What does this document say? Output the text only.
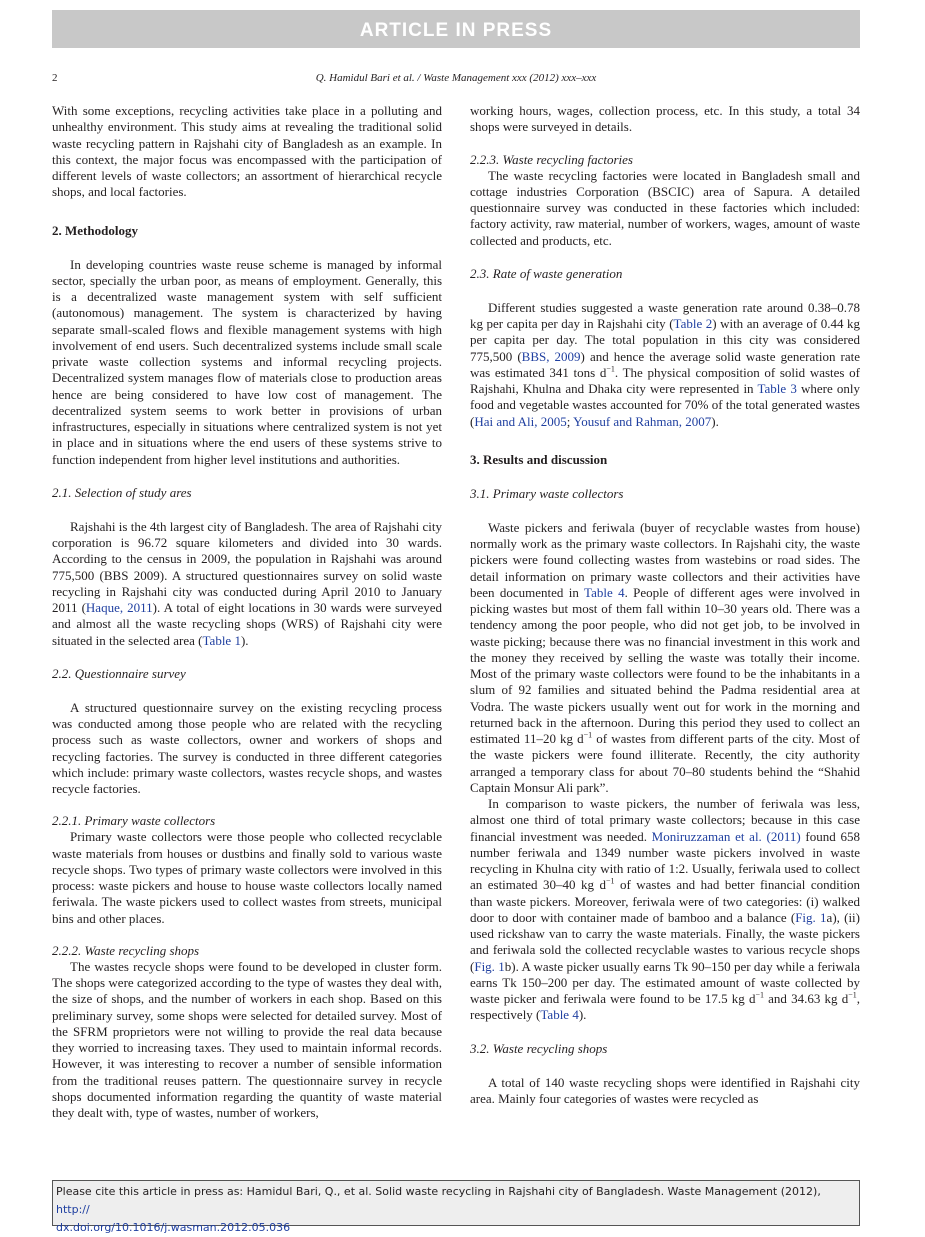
ARTICLE IN PRESS
2	Q. Hamidul Bari et al. / Waste Management xxx (2012) xxx–xxx

With some exceptions, recycling activities take place in a polluting and unhealthy environment. This study aims at revealing the traditional solid waste recycling pattern in Rajshahi city of Bangladesh as an example. In this context, the major focus was encompassed with the participation of different levels of waste collectors; an assortment of hierarchical recycle shops, and local factories.

2. Methodology

In developing countries waste reuse scheme is managed by informal sector, specially the urban poor, as means of employment. Generally, this is a decentralized waste management system with self sufficient (autonomous) management. The system is characterized by having separate small-scaled flows and flexible management systems with high involvement of end users. Such decentralized systems include small scale private waste collection systems and informal recycling projects. Decentralized system manages flow of materials close to production areas hence are being considered to have low cost of management. The decentralized system seems to work better in provisions of urban infrastructures, especially in situations where centralized system is not yet in place and in situations where the end users of these systems strive to function independent from higher level institutions and authorities.

2.1. Selection of study ares

Rajshahi is the 4th largest city of Bangladesh. The area of Rajshahi city corporation is 96.72 square kilometers and divided into 30 wards. According to the census in 2009, the population in Rajshahi was around 775,500 (BBS 2009). A structured questionnaires survey on solid waste recycling in Rajshahi city was conducted during April 2010 to January 2011 (Haque, 2011). A total of eight locations in 30 wards were surveyed and almost all the waste recycling shops (WRS) of Rajshahi city were situated in the selected area (Table 1).

2.2. Questionnaire survey

A structured questionnaire survey on the existing recycling process was conducted among those people who are related with the recycling process such as waste collectors, owner and workers of shops and recycling factories. The survey is conducted in three different categories which include: primary waste collectors, wastes recycle shops, and wastes recycle factories.

2.2.1. Primary waste collectors

Primary waste collectors were those people who collected recyclable waste materials from houses or dustbins and finally sold to various waste recycle shops. Two types of primary waste collectors were involved in this process: waste pickers and house to house waste collectors locally named feriwala. The waste pickers used to collect wastes from streets, municipal bins and other places.

2.2.2. Waste recycling shops

The wastes recycle shops were found to be developed in cluster form. The shops were categorized according to the type of wastes they deal with, the size of shops, and the number of workers in each shop. Based on this preliminary survey, some shops were selected for detailed survey. Most of the SFRM proprietors were not willing to provide the real data because they worried to increasing taxes. They used to maintain informal records. However, it was interesting to recover a number of sensible information from the traditional reuses pattern. The questionnaire survey in recycle shops documented information regarding the quantity of waste material they dealt with, type of wastes, number of workers,

working hours, wages, collection process, etc. In this study, a total 34 shops were surveyed in details.

2.2.3. Waste recycling factories

The waste recycling factories were located in Bangladesh small and cottage industries Corporation (BSCIC) area of Sapura. A detailed questionnaire survey was conducted in these factories which included: factory activity, raw material, number of workers, wages, amount of waste collected and products, etc.

2.3. Rate of waste generation

Different studies suggested a waste generation rate around 0.38–0.78 kg per capita per day in Rajshahi city (Table 2) with an average of 0.44 kg per capita per day. The total population in this city was considered 775,500 (BBS, 2009) and hence the average solid waste generation rate was estimated 341 tons $d^{-1}$. The physical composition of solid wastes of Rajshahi, Khulna and Dhaka city were represented in Table 3 where only food and vegetable wastes accounted for 70% of the total generated wastes (Hai and Ali, 2005; Yousuf and Rahman, 2007).

3. Results and discussion
3.1. Primary waste collectors

Waste pickers and feriwala (buyer of recyclable wastes from house) normally work as the primary waste collectors. In Rajshahi city, the waste pickers were found collecting wastes from wastebins or road sides. The detail information on primary waste collectors and their activities have been documented in Table 4. People of different ages were involved in picking wastes but most of them fall within 10–30 years old. There was a tendency among the poor people, who did not get job, to be involved in waste picking; because there was no financial investment in this work and the money they received by selling the waste was totally their income. Most of the primary waste collectors were found to be the inhabitants in a slum of 92 families and situated behind the Padma residential area at Vodra. The waste pickers usually went out for work in the morning and returned back in the afternoon. During this period they used to collect an estimated 11–20 kg $d^{-1}$ of wastes from different parts of the city. Most of the waste pickers were found illiterate. Recently, the city authority arranged a temporary class for about 70–80 students behind the “Shahid Captain Monsur Ali park”.

In comparison to waste pickers, the number of feriwala was less, almost one third of total primary waste collectors; because in this case financial investment was needed. Moniruzzaman et al. (2011) found 658 number feriwala and 1349 number waste pickers involved in waste recycling in Khulna city with ratio of 1:2. Usually, feriwala used to collect an estimated 30–40 kg $d^{-1}$ of wastes and had better financial condition than waste pickers. Moreover, feriwala were of two categories: (i) walked door to door with container made of bamboo and a balance (Fig. 1a), (ii) used rickshaw van to carry the waste materials. Finally, the waste pickers and feriwala sold the collected recyclable wastes to various recycle shops (Fig. 1b). A waste picker usually earns Tk 90–150 per day while a feriwala earns Tk 150–200 per day. The estimated amount of waste collected by waste picker and feriwala were found to be 17.5 kg $d^{-1}$ and 34.63 kg $d^{-1}$, respectively (Table 4).

3.2. Waste recycling shops

A total of 140 waste recycling shops were identified in Rajshahi city area. Mainly four categories of wastes were recycled as

Please cite this article in press as: Hamidul Bari, Q., et al. Solid waste recycling in Rajshahi city of Bangladesh. Waste Management (2012), http://
dx.doi.org/10.1016/j.wasman.2012.05.036
